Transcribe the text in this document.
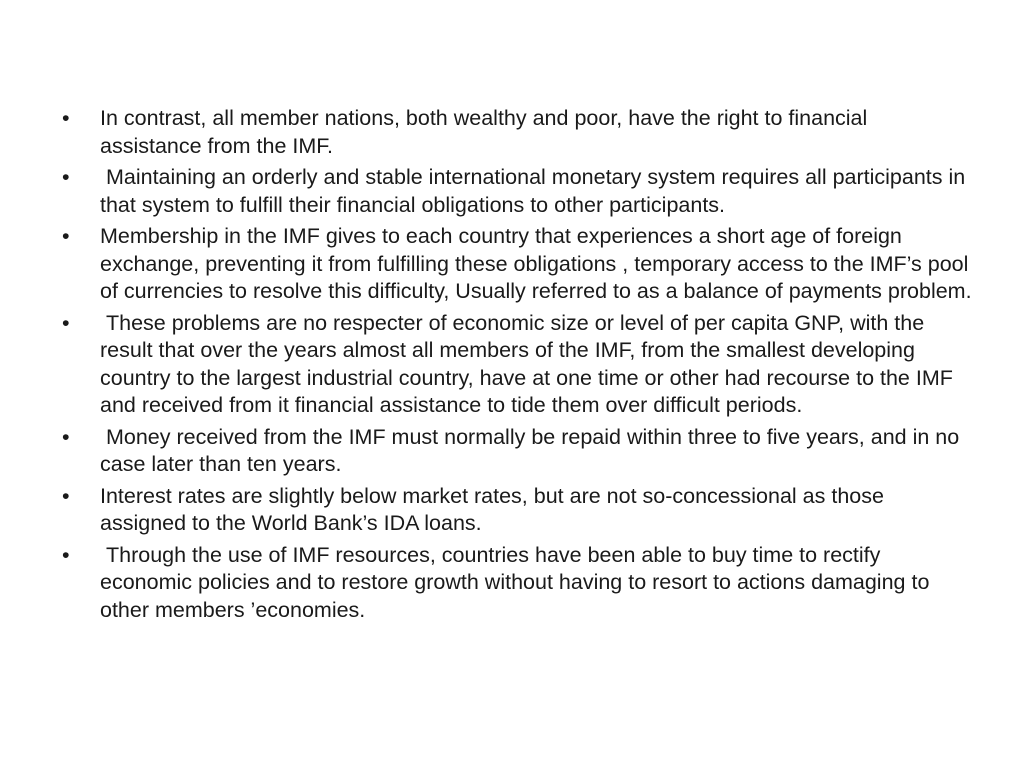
•	In contrast, all member nations, both wealthy and poor, have the right to financial assistance from the IMF.
•	Maintaining an orderly and stable international monetary system requires all participants in that system to fulfill their financial obligations to other participants.
•	Membership in the IMF gives to each country that experiences a short age of foreign exchange, preventing it from fulfilling these obligations , temporary access to the IMF’s pool of currencies to resolve this difficulty, Usually referred to as a balance of payments problem.
•	These problems are no respecter of economic size or level of per capita GNP, with the result that over the years almost all members of the IMF, from the smallest developing country to the largest industrial country, have at one time or other had recourse to the IMF and received from it financial assistance to tide them over difficult periods.
•	Money received from the IMF must normally be repaid within three to five years, and in no case later than ten years.
•	Interest rates are slightly below market rates, but are not so-concessional as those assigned to the World Bank’s IDA loans.
•	Through the use of IMF resources, countries have been able to buy time to rectify economic policies and to restore growth without having to resort to actions damaging to other members ’economies.
